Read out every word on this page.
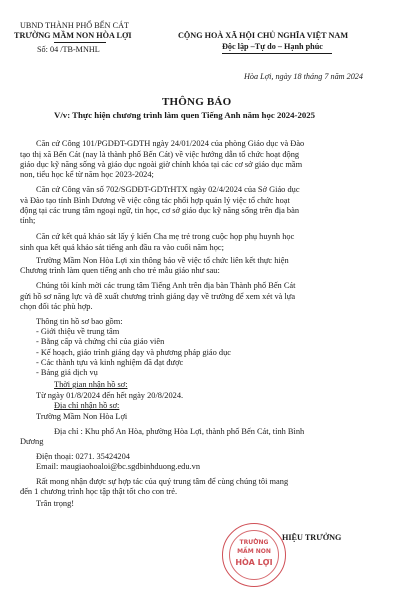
UBND THÀNH PHỐ BẾN CÁT
TRƯỜNG MẦM NON HÒA LỢI
Số: 04 /TB-MNHL
CỘNG HOÀ XÃ HỘI CHỦ NGHĨA VIỆT NAM
Độc lập –Tự do – Hạnh phúc
Hòa Lợi, ngày 18 tháng 7 năm 2024
THÔNG BÁO
V/v: Thực hiện chương trình làm quen Tiếng Anh năm học 2024-2025
Căn cứ Công 101/PGDĐT-GDTH ngày 24/01/2024 của phòng Giáo dục và Đào
tạo thị xã Bến Cát (nay là thành phố Bến Cát) về việc hướng dẫn tổ chức hoạt động
giáo dục kỹ năng sống và giáo dục ngoài giờ chính khóa tại các cơ sở giáo dục mầm
non, tiểu học kể từ năm học 2023-2024;
Căn cứ Công văn số 702/SGDĐT-GDTrHTX ngày 02/4/2024 của Sở Giáo dục
và Đào tạo tỉnh Bình Dương về việc công tác phối hợp quản lý việc tổ chức hoạt
động tại các trung tâm ngoại ngữ, tin học, cơ sở giáo dục kỹ năng sống trên địa bàn
tỉnh;
Căn cứ kết quả khảo sát lấy ý kiến Cha mẹ trẻ trong cuộc họp phụ huynh học
sinh qua kết quả khảo sát tiếng anh đầu ra vào cuối năm học;
Trường Mầm Non Hòa Lợi xin thông báo về việc tổ chức liên kết thực hiện
Chương trình làm quen tiếng anh cho trẻ mẫu giáo như sau:
Chúng tôi kính mời các trung tâm Tiếng Anh trên địa bàn Thành phố Bến Cát
gửi hồ sơ năng lực và đề xuất chương trình giảng dạy về trường để xem xét và lựa
chọn đối tác phù hợp.
Thông tin hồ sơ bao gồm:
- Giới thiệu về trung tâm
- Bằng cấp và chứng chỉ của giáo viên
- Kế hoạch, giáo trình giảng dạy và phương pháp giáo dục
- Các thành tựu và kinh nghiệm đã đạt được
- Bảng giá dịch vụ
Thời gian nhận hồ sơ:
Từ ngày 01/8/2024 đến hết ngày 20/8/2024.
Địa chỉ nhận hồ sơ:
Trường Mầm Non Hòa Lợi
Địa chỉ : Khu phố An Hòa, phường Hòa Lợi, thành phố Bến Cát, tỉnh Bình
Dương
Điện thoại: 0271. 35424204
Email: maugiaohoaloi@bc.sgdbinhduong.edu.vn
Rất mong nhận được sự hợp tác của quý trung tâm để cùng chúng tôi mang
đến 1 chương trình học tập thật tốt cho con trẻ.
Trân trọng!
TRƯỜNG
MẦM NON
HÒA LỢI
HIỆU TRƯỞNG
